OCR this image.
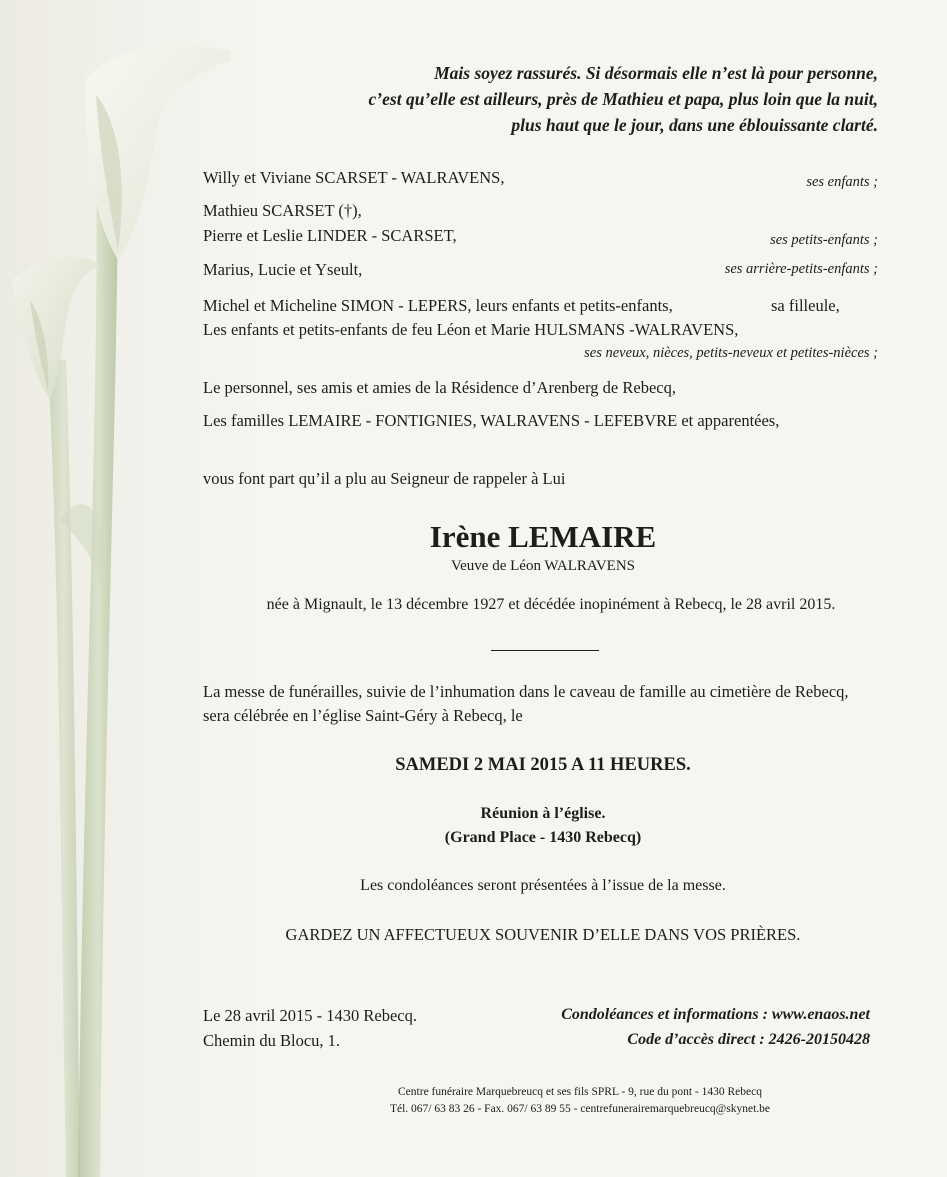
Mais soyez rassurés. Si désormais elle n’est là pour personne,
c’est qu’elle est ailleurs, près de Mathieu et papa, plus loin que la nuit,
plus haut que le jour, dans une éblouissante clarté.
Willy et Viviane SCARSET - WALRAVENS,	ses enfants ;
Mathieu SCARSET (†),
Pierre et Leslie LINDER - SCARSET,	ses petits-enfants ;
Marius, Lucie et Yseult,	ses arrière-petits-enfants ;
Michel et Micheline SIMON - LEPERS, leurs enfants et petits-enfants,	sa filleule,
Les enfants et petits-enfants de feu Léon et Marie HULSMANS -WALRAVENS,
ses neveux, nièces, petits-neveux et petites-nièces ;
Le personnel, ses amis et amies de la Résidence d’Arenberg de Rebecq,
Les familles LEMAIRE - FONTIGNIES, WALRAVENS - LEFEBVRE et apparentées,
vous font part qu’il a plu au Seigneur de rappeler à Lui
Irène LEMAIRE
Veuve de Léon WALRAVENS
née à Mignault, le 13 décembre 1927 et décédée inopinément à Rebecq, le 28 avril 2015.
La messe de funérailles, suivie de l’inhumation dans le caveau de famille au cimetière de Rebecq,
sera célébrée en l’église Saint-Géry à Rebecq, le
SAMEDI 2 MAI 2015 A 11 HEURES.
Réunion à l’église.
(Grand Place - 1430 Rebecq)
Les condoléances seront présentées à l’issue de la messe.
GARDEZ UN AFFECTUEUX SOUVENIR D’ELLE DANS VOS PRIÈRES.
Le 28 avril 2015 - 1430 Rebecq.
Chemin du Blocu, 1.
Condoléances et informations : www.enaos.net
Code d’accès direct : 2426-20150428
Centre funéraire Marquebreucq et ses fils SPRL - 9, rue du pont - 1430 Rebecq
Tél. 067/ 63 83 26 - Fax. 067/ 63 89 55 - centrefunerairemarquebreucq@skynet.be
